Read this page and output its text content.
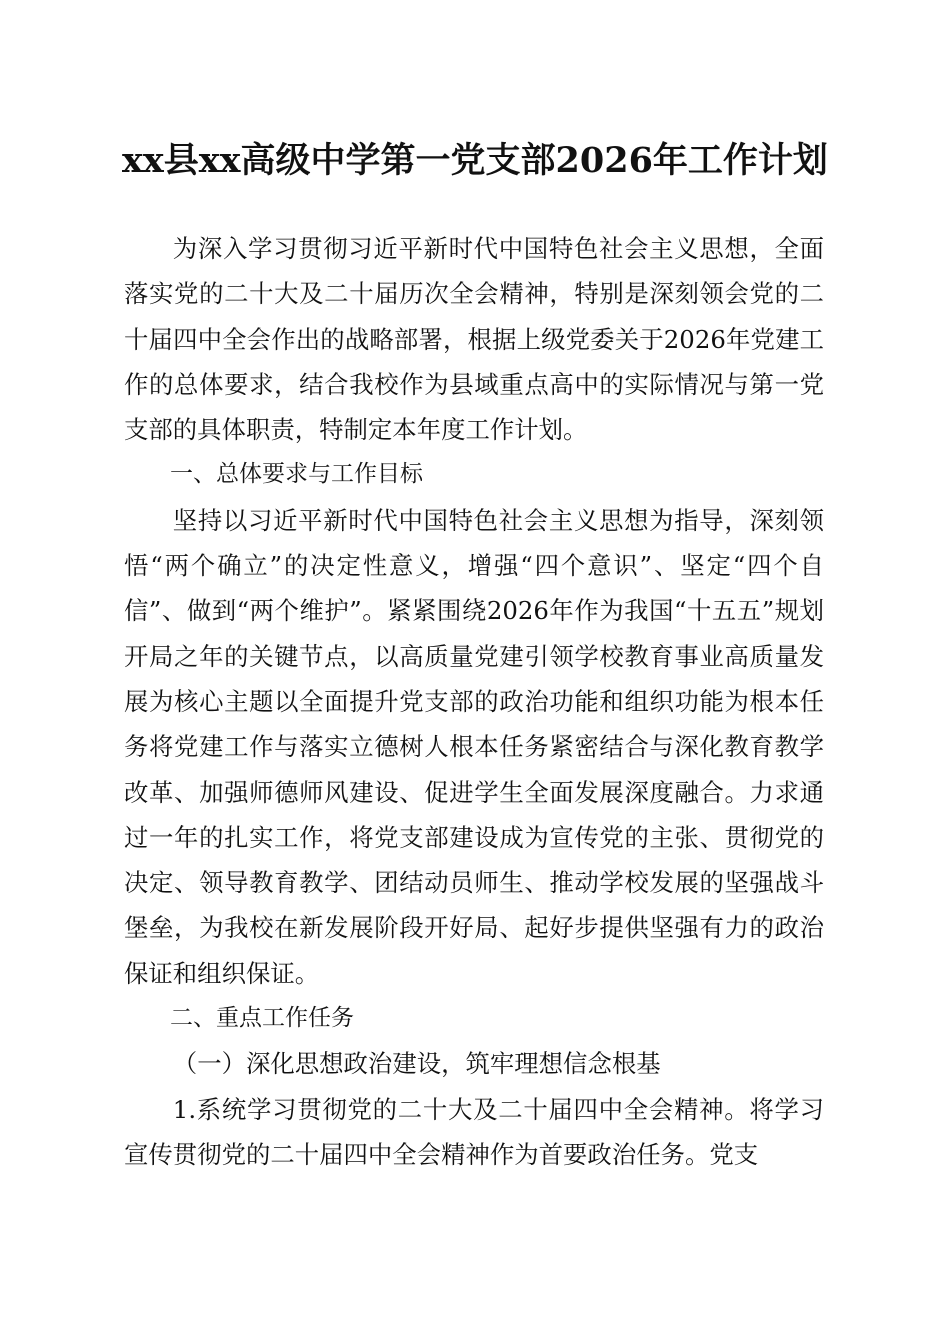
xx县xx高级中学第一党支部2026年工作计划

为深入学习贯彻习近平新时代中国特色社会主义思想，全面落实党的二十大及二十届历次全会精神，特别是深刻领会党的二十届四中全会作出的战略部署，根据上级党委关于2026年党建工作的总体要求，结合我校作为县域重点高中的实际情况与第一党支部的具体职责，特制定本年度工作计划。

一、总体要求与工作目标

坚持以习近平新时代中国特色社会主义思想为指导，深刻领悟“两个确立”的决定性意义，增强“四个意识”、坚定“四个自信”、做到“两个维护”。紧紧围绕2026年作为我国“十五五”规划开局之年的关键节点，以高质量党建引领学校教育事业高质量发展为核心主题以全面提升党支部的政治功能和组织功能为根本任务将党建工作与落实立德树人根本任务紧密结合与深化教育教学改革、加强师德师风建设、促进学生全面发展深度融合。力求通过一年的扎实工作，将党支部建设成为宣传党的主张、贯彻党的决定、领导教育教学、团结动员师生、推动学校发展的坚强战斗堡垒，为我校在新发展阶段开好局、起好步提供坚强有力的政治保证和组织保证。

二、重点工作任务

（一）深化思想政治建设，筑牢理想信念根基

1.系统学习贯彻党的二十大及二十届四中全会精神。将学习宣传贯彻党的二十届四中全会精神作为首要政治任务。党支
